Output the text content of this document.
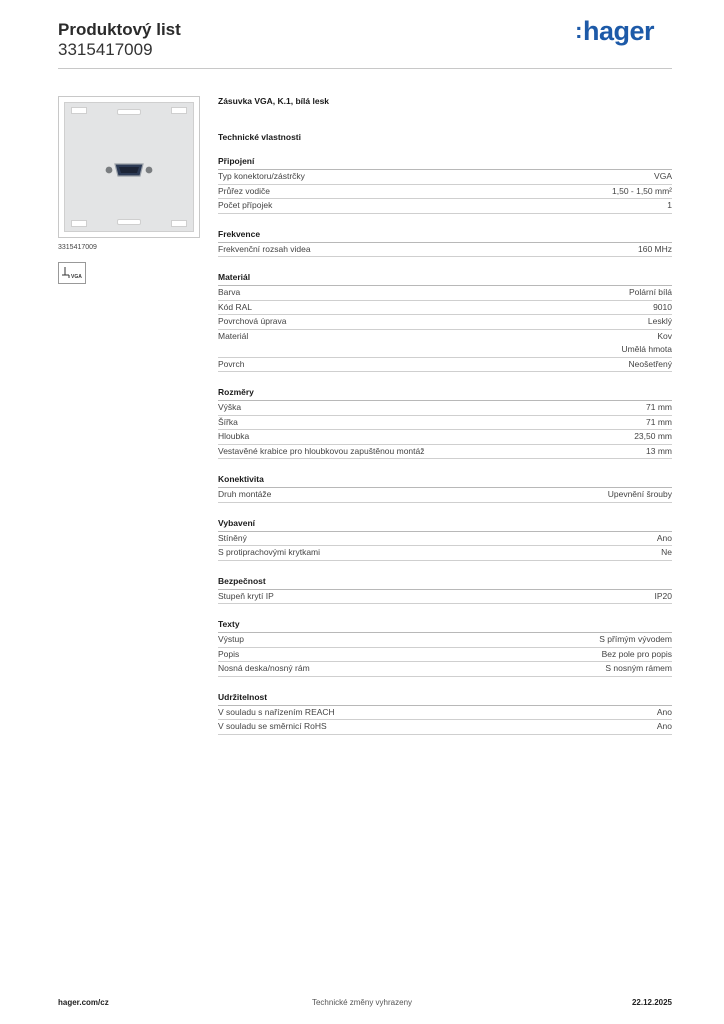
Produktový list
3315417009
:hager
3315417009
VGA
Zásuvka VGA, K.1, bílá lesk
Technické vlastnosti
Připojení
Typ konektoru/zástrčky	VGA
Průřez vodiče	1,50 - 1,50 mm²
Počet přípojek	1
Frekvence
Frekvenční rozsah videa	160 MHz
Materiál
Barva	Polární bílá
Kód RAL	9010
Povrchová úprava	Lesklý
Materiál	Kov
Umělá hmota
Povrch	Neošetřený
Rozměry
Výška	71 mm
Šířka	71 mm
Hloubka	23,50 mm
Vestavěné krabice pro hloubkovou zapuštěnou montáž	13 mm
Konektivita
Druh montáže	Upevnění šrouby
Vybavení
Stíněný	Ano
S protiprachovými krytkami	Ne
Bezpečnost
Stupeň krytí IP	IP20
Texty
Výstup	S přímým vývodem
Popis	Bez pole pro popis
Nosná deska/nosný rám	S nosným rámem
Udržitelnost
V souladu s nařízením REACH	Ano
V souladu se směrnicí RoHS	Ano
hager.com/cz	Technické změny vyhrazeny	22.12.2025
